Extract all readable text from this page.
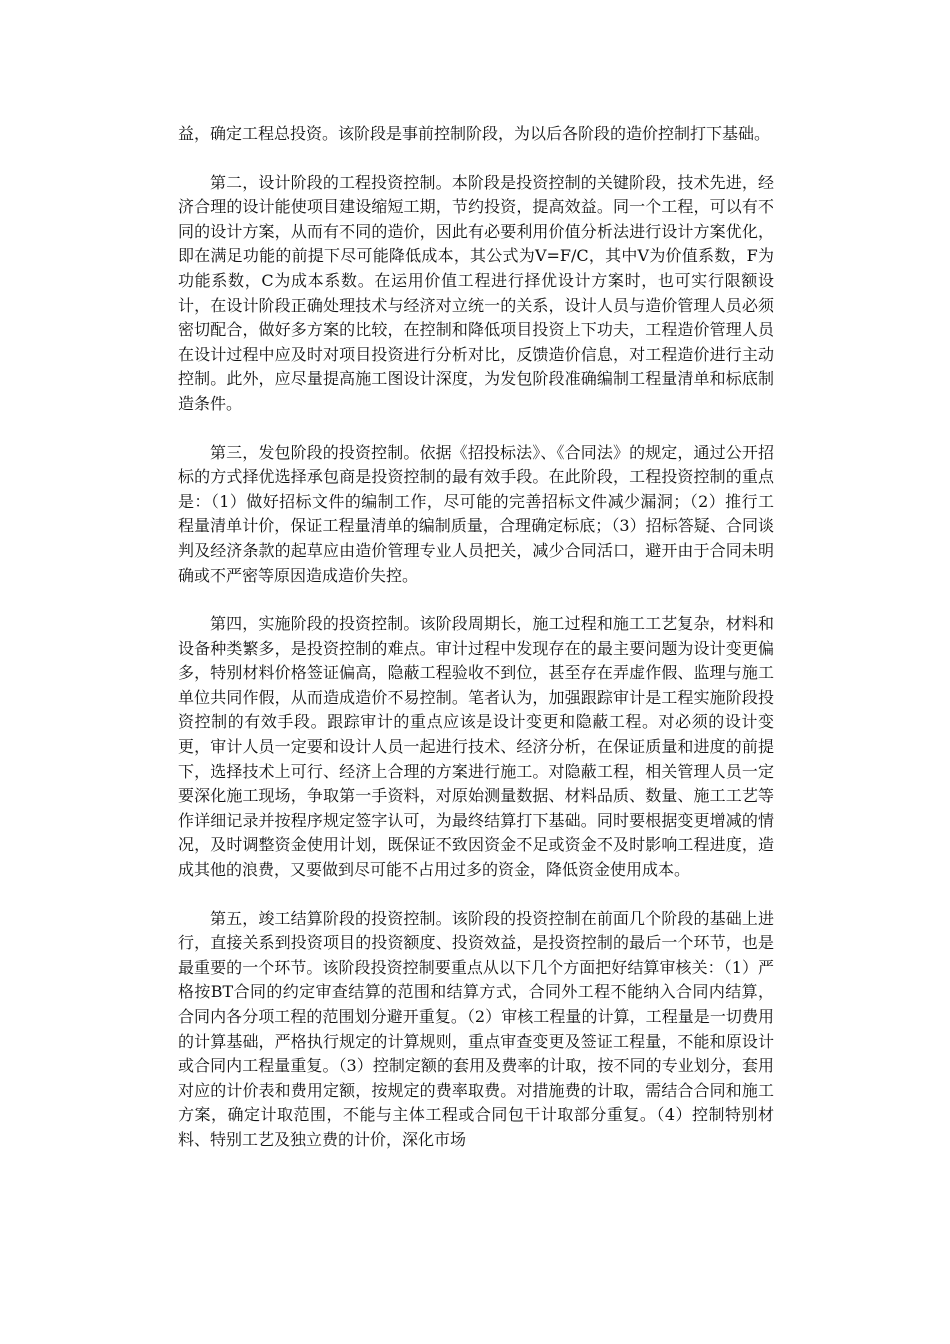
益，确定工程总投资。该阶段是事前控制阶段，为以后各阶段的造价控制打下基础。

第二，设计阶段的工程投资控制。本阶段是投资控制的关键阶段，技术先进，经济合理的设计能使项目建设缩短工期，节约投资，提高效益。同一个工程，可以有不同的设计方案，从而有不同的造价，因此有必要利用价值分析法进行设计方案优化，即在满足功能的前提下尽可能降低成本，其公式为V=F/C，其中V为价值系数，F为功能系数，C为成本系数。在运用价值工程进行择优设计方案时，也可实行限额设计，在设计阶段正确处理技术与经济对立统一的关系，设计人员与造价管理人员必须密切配合，做好多方案的比较，在控制和降低项目投资上下功夫，工程造价管理人员在设计过程中应及时对项目投资进行分析对比，反馈造价信息，对工程造价进行主动控制。此外，应尽量提高施工图设计深度，为发包阶段准确编制工程量清单和标底制造条件。

第三，发包阶段的投资控制。依据《招投标法》、《合同法》的规定，通过公开招标的方式择优选择承包商是投资控制的最有效手段。在此阶段，工程投资控制的重点是：（1）做好招标文件的编制工作，尽可能的完善招标文件减少漏洞；（2）推行工程量清单计价，保证工程量清单的编制质量，合理确定标底；（3）招标答疑、合同谈判及经济条款的起草应由造价管理专业人员把关，减少合同活口，避开由于合同未明确或不严密等原因造成造价失控。

第四，实施阶段的投资控制。该阶段周期长，施工过程和施工工艺复杂，材料和设备种类繁多，是投资控制的难点。审计过程中发现存在的最主要问题为设计变更偏多，特别材料价格签证偏高，隐蔽工程验收不到位，甚至存在弄虚作假、监理与施工单位共同作假，从而造成造价不易控制。笔者认为，加强跟踪审计是工程实施阶段投资控制的有效手段。跟踪审计的重点应该是设计变更和隐蔽工程。对必须的设计变更，审计人员一定要和设计人员一起进行技术、经济分析，在保证质量和进度的前提下，选择技术上可行、经济上合理的方案进行施工。对隐蔽工程，相关管理人员一定要深化施工现场，争取第一手资料，对原始测量数据、材料品质、数量、施工工艺等作详细记录并按程序规定签字认可，为最终结算打下基础。同时要根据变更增减的情况，及时调整资金使用计划，既保证不致因资金不足或资金不及时影响工程进度，造成其他的浪费，又要做到尽可能不占用过多的资金，降低资金使用成本。

第五，竣工结算阶段的投资控制。该阶段的投资控制在前面几个阶段的基础上进行，直接关系到投资项目的投资额度、投资效益，是投资控制的最后一个环节，也是最重要的一个环节。该阶段投资控制要重点从以下几个方面把好结算审核关：（1）严格按BT合同的约定审查结算的范围和结算方式，合同外工程不能纳入合同内结算，合同内各分项工程的范围划分避开重复。（2）审核工程量的计算，工程量是一切费用的计算基础，严格执行规定的计算规则，重点审查变更及签证工程量，不能和原设计或合同内工程量重复。（3）控制定额的套用及费率的计取，按不同的专业划分，套用对应的计价表和费用定额，按规定的费率取费。对措施费的计取，需结合合同和施工方案，确定计取范围，不能与主体工程或合同包干计取部分重复。（4）控制特别材料、特别工艺及独立费的计价，深化市场
